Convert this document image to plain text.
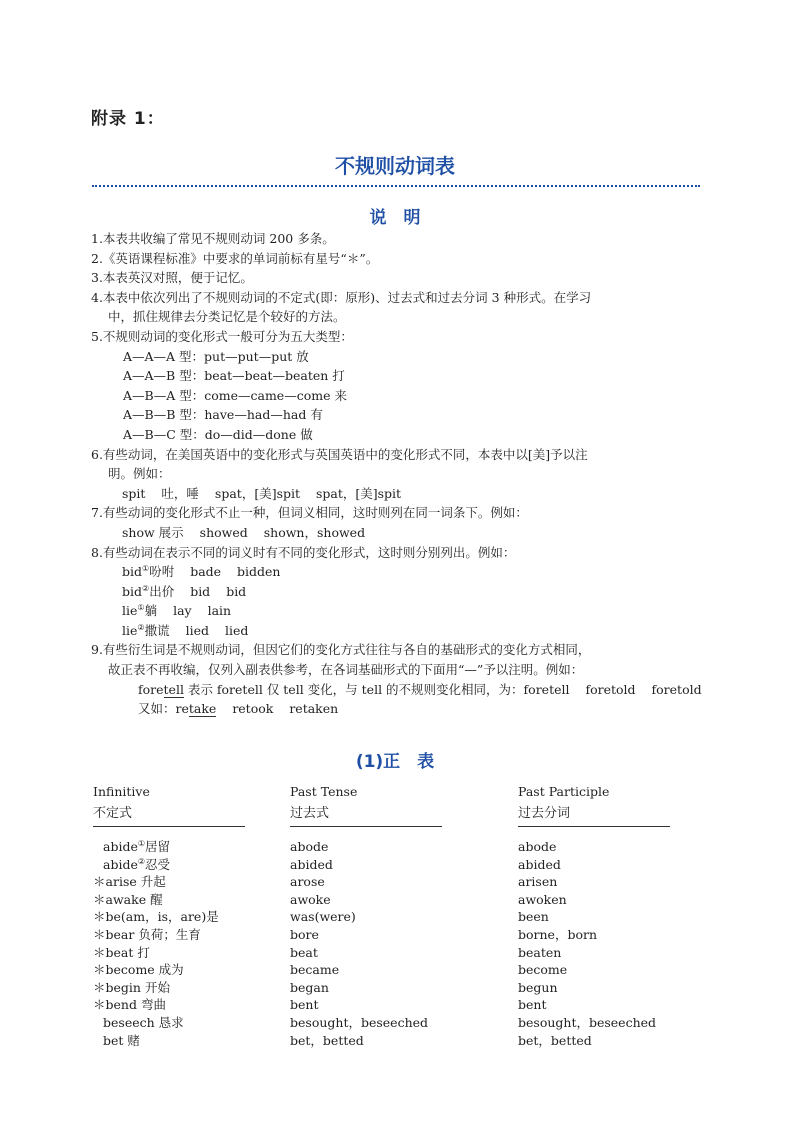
附录 1：
不规则动词表
说　明
1.本表共收编了常见不规则动词 200 多条。
2.《英语课程标准》中要求的单词前标有星号“＊”。
3.本表英汉对照，便于记忆。
4.本表中依次列出了不规则动词的不定式(即：原形)、过去式和过去分词 3 种形式。在学习
中，抓住规律去分类记忆是个较好的方法。
5.不规则动词的变化形式一般可分为五大类型：
A—A—A 型：put—put—put 放
A—A—B 型：beat—beat—beaten 打
A—B—A 型：come—came—come 来
A—B—B 型：have—had—had 有
A—B—C 型：do—did—done 做
6.有些动词，在美国英语中的变化形式与英国英语中的变化形式不同，本表中以[美]予以注
明。例如：
spit 吐，唾 spat，[美]spit spat，[美]spit
7.有些动词的变化形式不止一种，但词义相同，这时则列在同一词条下。例如：
show 展示 showed shown，showed
8.有些动词在表示不同的词义时有不同的变化形式，这时则分别列出。例如：
bid①吩咐 bade bidden
bid②出价 bid bid
lie①躺 lay lain
lie②撒谎 lied lied
9.有些衍生词是不规则动词，但因它们的变化方式往往与各自的基础形式的变化方式相同，
故正表不再收编，仅列入副表供参考，在各词基础形式的下面用“—”予以注明。例如：
foretell 表示 foretell 仅 tell 变化，与 tell 的不规则变化相同，为：foretell foretold foretold
又如：retake retook retaken
(1)正　表
Infinitive
不定式
abide①居留
abide②忍受
＊arise 升起
＊awake 醒
＊be(am，is，are)是
＊bear 负荷；生育
＊beat 打
＊become 成为
＊begin 开始
＊bend 弯曲
beseech 恳求
bet 赌
Past Tense
过去式
abode
abided
arose
awoke
was(were)
bore
beat
became
began
bent
besought，beseeched
bet，betted
Past Participle
过去分词
abode
abided
arisen
awoken
been
borne，born
beaten
become
begun
bent
besought，beseeched
bet，betted
